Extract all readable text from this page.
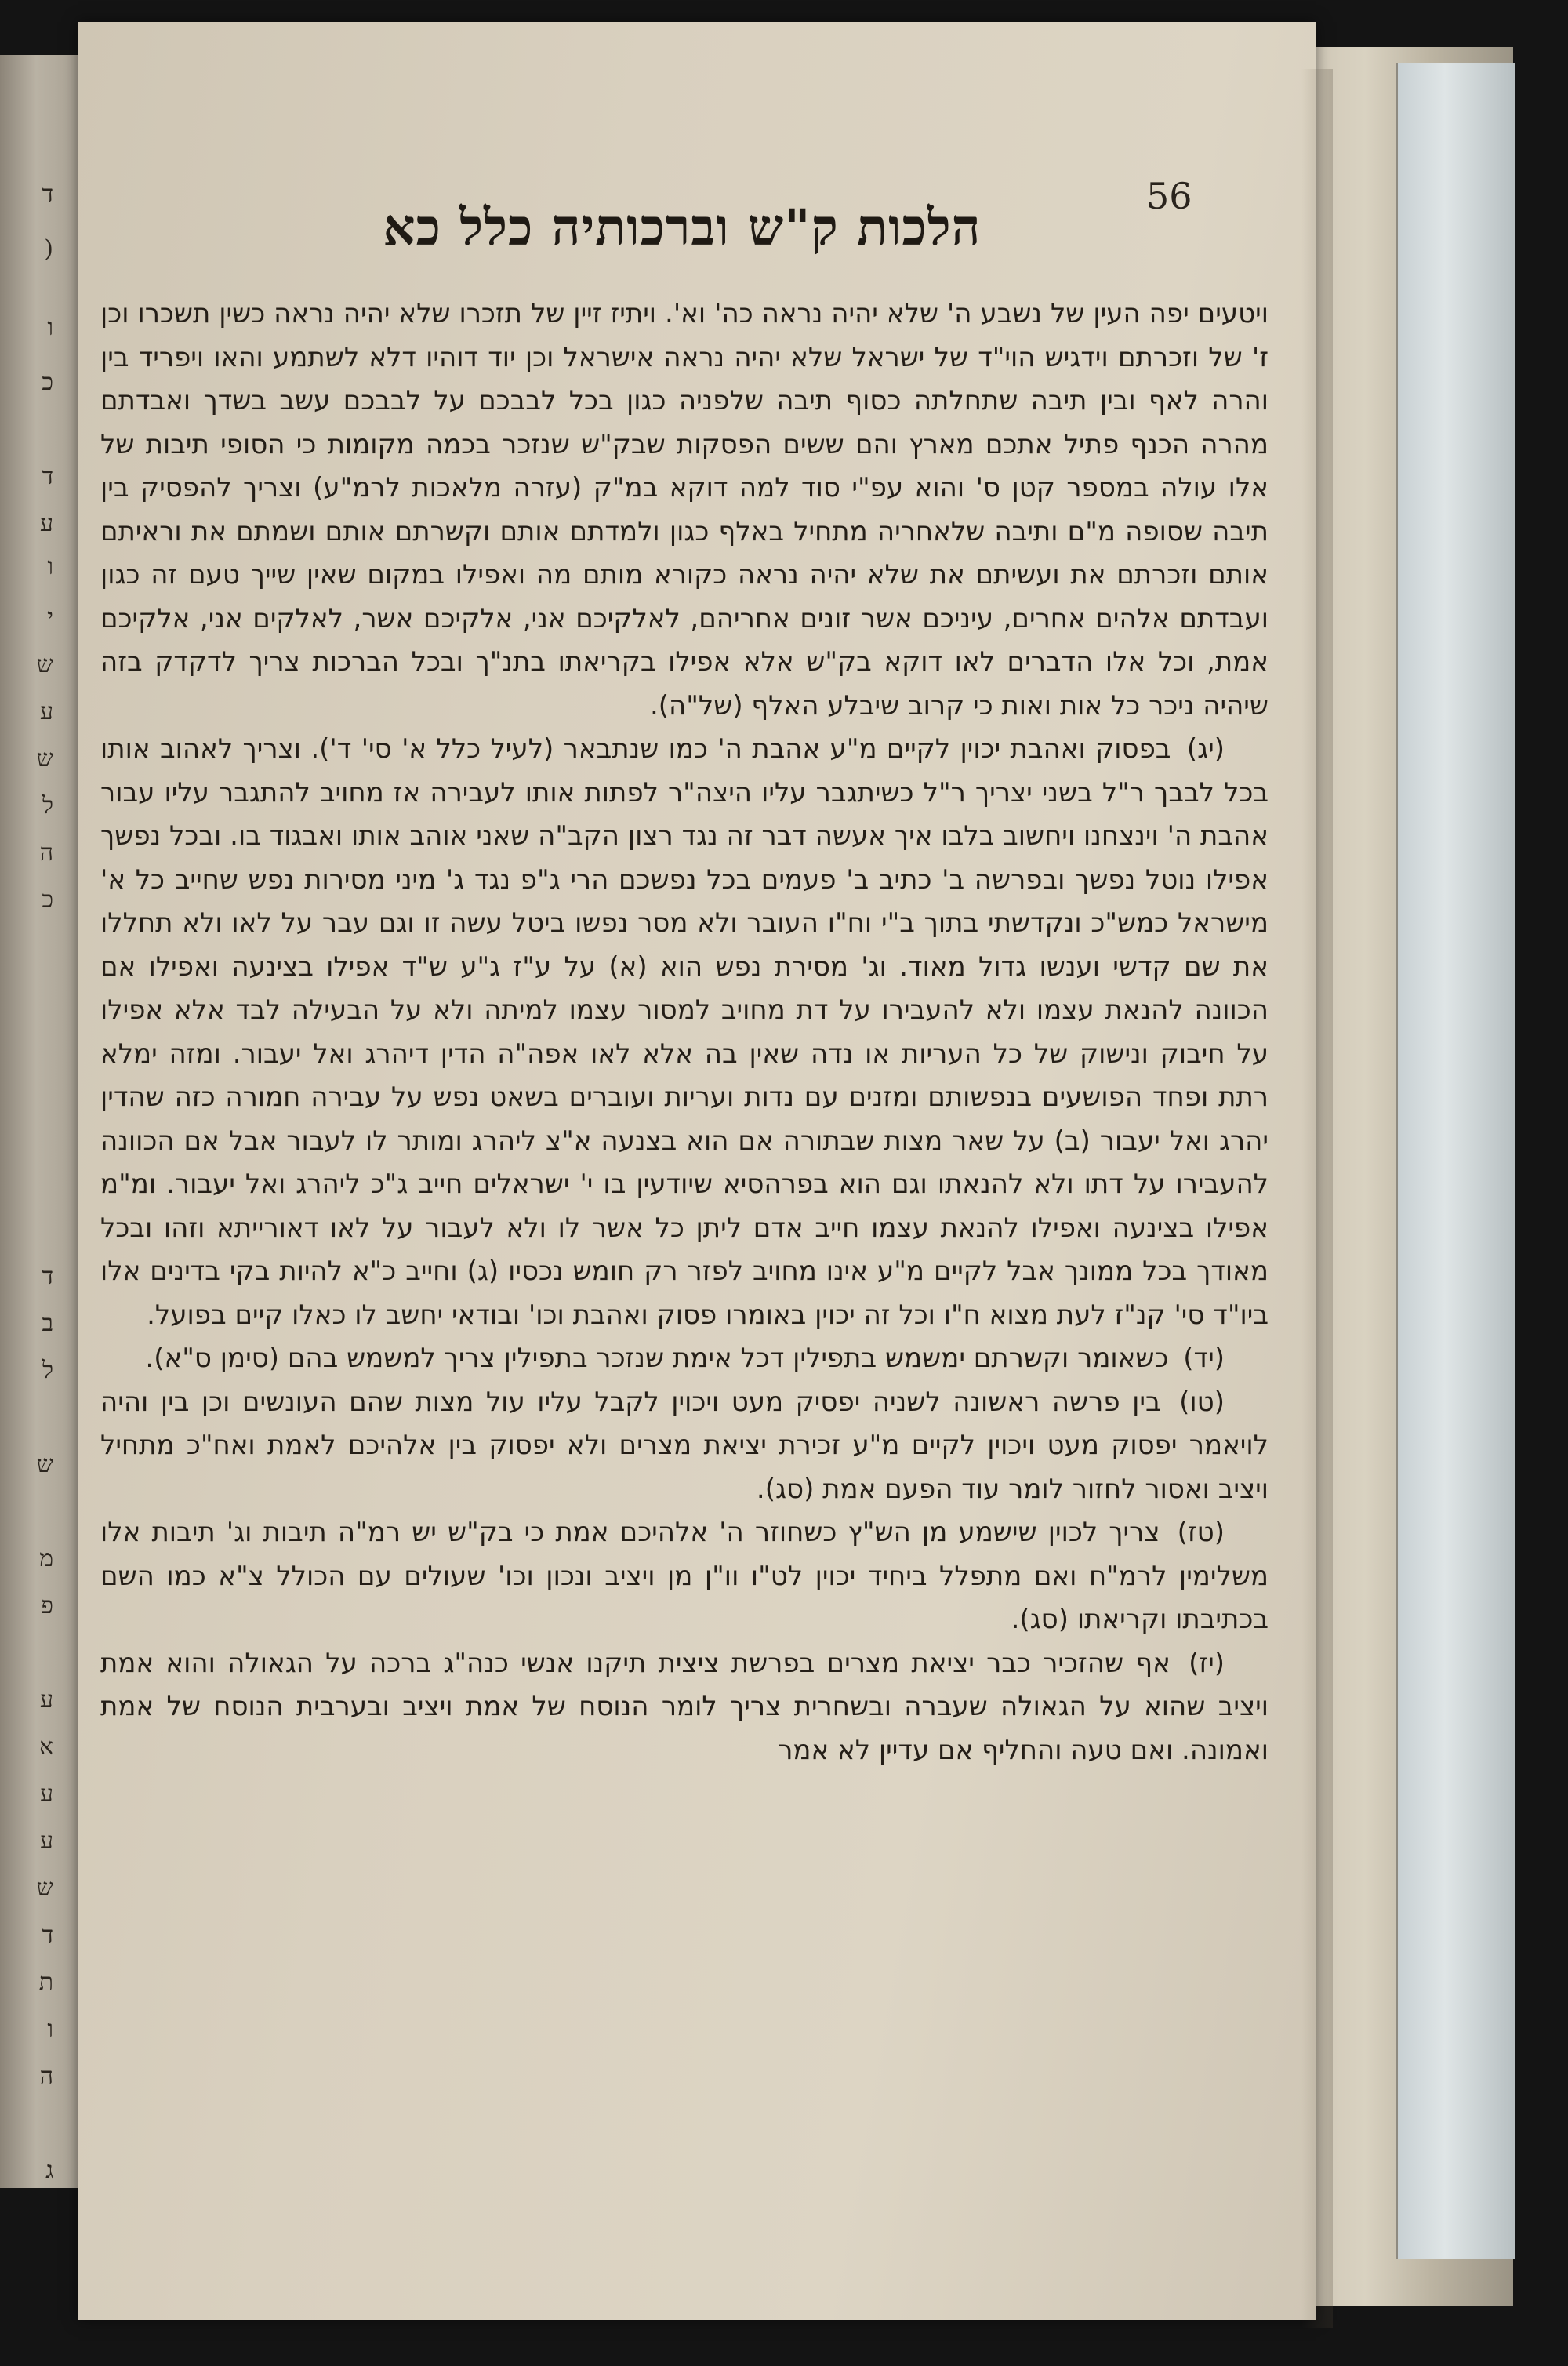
ד
(
ו
כ
ד
ע
ו
י
ש
ע
ש
ל
ה
כ
ד
ב
ל
ש
מ
פ
ע
א
ע
ע
ש
ד
ת
ו
ה
ג
56
הלכות ק"ש וברכותיה כלל כא

ויטעים יפה העין של נשבע ה' שלא יהיה נראה כה' וא'. ויתיז זיין של תזכרו שלא יהיה נראה כשין תשכרו וכן ז' של וזכרתם וידגיש הוי"ד של ישראל שלא יהיה נראה אישראל וכן יוד דוהיו דלא לשתמע והאו ויפריד בין והרה לאף ובין תיבה שתחלתה כסוף תיבה שלפניה כגון בכל לבבכם על לבבכם עשב בשדך ואבדתם מהרה הכנף פתיל אתכם מארץ והם ששים הפסקות שבק"ש שנזכר בכמה מקומות כי הסופי תיבות של אלו עולה במספר קטן ס' והוא עפ"י סוד למה דוקא במ"ק (עזרה מלאכות לרמ"ע) וצריך להפסיק בין תיבה שסופה מ"ם ותיבה שלאחריה מתחיל באלף כגון ולמדתם אותם וקשרתם אותם ושמתם את וראיתם אותם וזכרתם את ועשיתם את שלא יהיה נראה כקורא מותם מה ואפילו במקום שאין שייך טעם זה כגון ועבדתם אלהים אחרים, עיניכם אשר זונים אחריהם, לאלקיכם אני, אלקיכם אשר, לאלקים אני, אלקיכם אמת, וכל אלו הדברים לאו דוקא בק"ש אלא אפילו בקריאתו בתנ"ך ובכל הברכות צריך לדקדק בזה שיהיה ניכר כל אות ואות כי קרוב שיבלע האלף (של"ה).

(יג) בפסוק ואהבת יכוין לקיים מ"ע אהבת ה' כמו שנתבאר (לעיל כלל א' סי' ד'). וצריך לאהוב אותו בכל לבבך ר"ל בשני יצריך ר"ל כשיתגבר עליו היצה"ר לפתות אותו לעבירה אז מחויב להתגבר עליו עבור אהבת ה' וינצחנו ויחשוב בלבו איך אעשה דבר זה נגד רצון הקב"ה שאני אוהב אותו ואבגוד בו. ובכל נפשך אפילו נוטל נפשך ובפרשה ב' כתיב ב' פעמים בכל נפשכם הרי ג"פ נגד ג' מיני מסירות נפש שחייב כל א' מישראל כמש"כ ונקדשתי בתוך ב"י וח"ו העובר ולא מסר נפשו ביטל עשה זו וגם עבר על לאו ולא תחללו את שם קדשי וענשו גדול מאוד. וג' מסירת נפש הוא (א) על ע"ז ג"ע ש"ד אפילו בצינעה ואפילו אם הכוונה להנאת עצמו ולא להעבירו על דת מחויב למסור עצמו למיתה ולא על הבעילה לבד אלא אפילו על חיבוק ונישוק של כל העריות או נדה שאין בה אלא לאו אפה"ה הדין דיהרג ואל יעבור. ומזה ימלא רתת ופחד הפושעים בנפשותם ומזנים עם נדות ועריות ועוברים בשאט נפש על עבירה חמורה כזה שהדין יהרג ואל יעבור (ב) על שאר מצות שבתורה אם הוא בצנעה א"צ ליהרג ומותר לו לעבור אבל אם הכוונה להעבירו על דתו ולא להנאתו וגם הוא בפרהסיא שיודעין בו י' ישראלים חייב ג"כ ליהרג ואל יעבור. ומ"מ אפילו בצינעה ואפילו להנאת עצמו חייב אדם ליתן כל אשר לו ולא לעבור על לאו דאורייתא וזהו ובכל מאודך בכל ממונך אבל לקיים מ"ע אינו מחויב לפזר רק חומש נכסיו (ג) וחייב כ"א להיות בקי בדינים אלו ביו"ד סי' קנ"ז לעת מצוא ח"ו וכל זה יכוין באומרו פסוק ואהבת וכו' ובודאי יחשב לו כאלו קיים בפועל.

(יד) כשאומר וקשרתם ימשמש בתפילין דכל אימת שנזכר בתפילין צריך למשמש בהם (סימן ס"א).

(טו) בין פרשה ראשונה לשניה יפסיק מעט ויכוין לקבל עליו עול מצות שהם העונשים וכן בין והיה לויאמר יפסוק מעט ויכוין לקיים מ"ע זכירת יציאת מצרים ולא יפסוק בין אלהיכם לאמת ואח"כ מתחיל ויציב ואסור לחזור לומר עוד הפעם אמת (סג).

(טז) צריך לכוין שישמע מן הש"ץ כשחוזר ה' אלהיכם אמת כי בק"ש יש רמ"ה תיבות וג' תיבות אלו משלימין לרמ"ח ואם מתפלל ביחיד יכוין לט"ו וו"ן מן ויציב ונכון וכו' שעולים עם הכולל צ"א כמו השם בכתיבתו וקריאתו (סג).

(יז) אף שהזכיר כבר יציאת מצרים בפרשת ציצית תיקנו אנשי כנה"ג ברכה על הגאולה והוא אמת ויציב שהוא על הגאולה שעברה ובשחרית צריך לומר הנוסח של אמת ויציב ובערבית הנוסח של אמת ואמונה. ואם טעה והחליף אם עדיין לא אמר
